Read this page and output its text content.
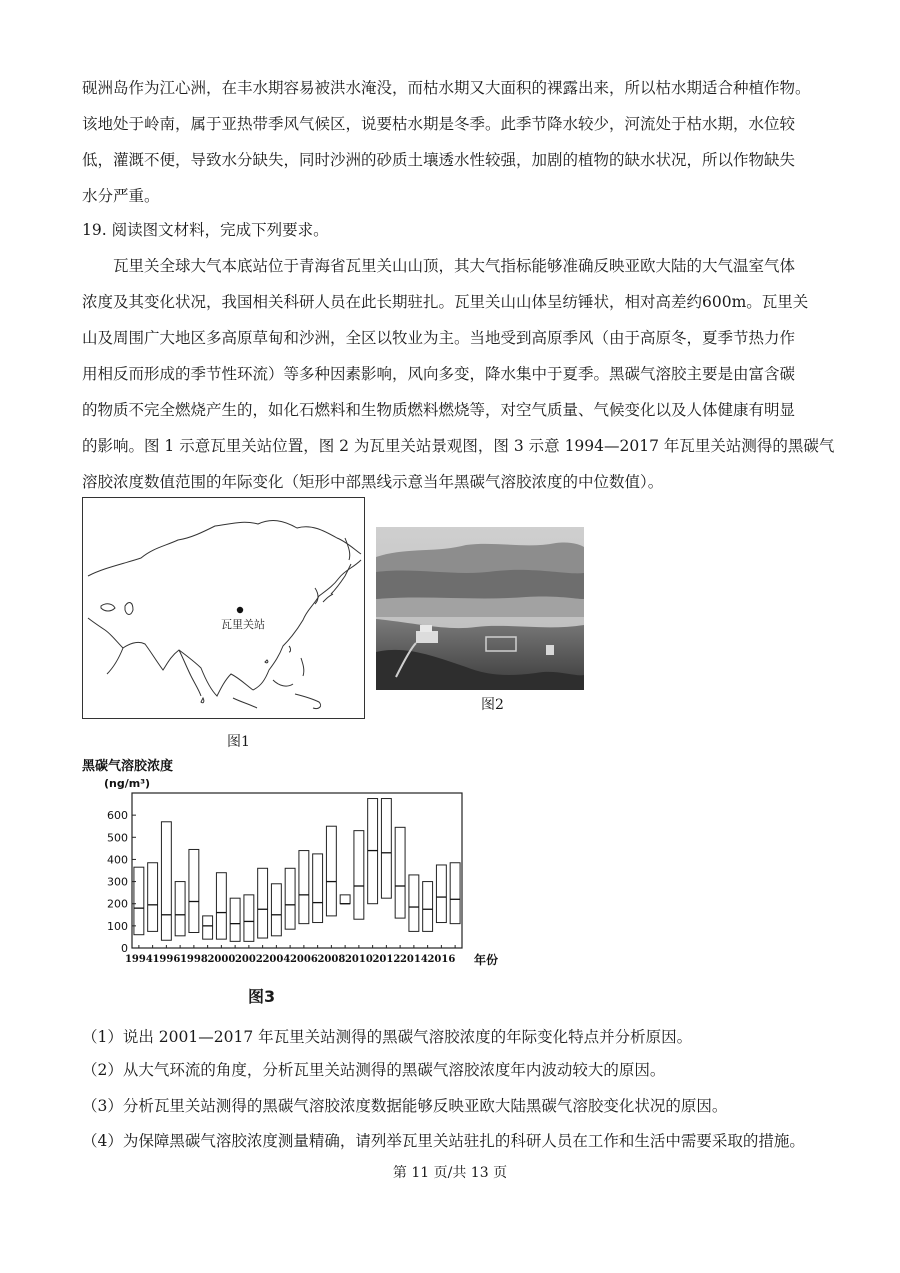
砚洲岛作为江心洲，在丰水期容易被洪水淹没，而枯水期又大面积的裸露出来，所以枯水期适合种植作物。
该地处于岭南，属于亚热带季风气候区，说要枯水期是冬季。此季节降水较少，河流处于枯水期，水位较
低，灌溉不便，导致水分缺失，同时沙洲的砂质土壤透水性较强，加剧的植物的缺水状况，所以作物缺失
水分严重。
19. 阅读图文材料，完成下列要求。
瓦里关全球大气本底站位于青海省瓦里关山山顶，其大气指标能够准确反映亚欧大陆的大气温室气体
浓度及其变化状况，我国相关科研人员在此长期驻扎。瓦里关山山体呈纺锤状，相对高差约600m。瓦里关
山及周围广大地区多高原草甸和沙洲，全区以牧业为主。当地受到高原季风（由于高原冬，夏季节热力作
用相反而形成的季节性环流）等多种因素影响，风向多变，降水集中于夏季。黑碳气溶胶主要是由富含碳
的物质不完全燃烧产生的，如化石燃料和生物质燃料燃烧等，对空气质量、气候变化以及人体健康有明显
的影响。图 1 示意瓦里关站位置，图 2 为瓦里关站景观图，图 3 示意 1994—2017 年瓦里关站测得的黑碳气
溶胶浓度数值范围的年际变化（矩形中部黑线示意当年黑碳气溶胶浓度的中位数值）。
瓦里关站
图1
图2
黑碳气溶胶浓度
(ng/m³)
年份
0
100
200
300
400
500
600
1994 1996 1998 2000 2002 2004 2006 2008 2010 2012 2014 2016
图3

（1）说出 2001—2017 年瓦里关站测得的黑碳气溶胶浓度的年际变化特点并分析原因。

（2）从大气环流的角度，分析瓦里关站测得的黑碳气溶胶浓度年内波动较大的原因。

（3）分析瓦里关站测得的黑碳气溶胶浓度数据能够反映亚欧大陆黑碳气溶胶变化状况的原因。

（4）为保障黑碳气溶胶浓度测量精确，请列举瓦里关站驻扎的科研人员在工作和生活中需要采取的措施。

第 11 页/共 13 页
